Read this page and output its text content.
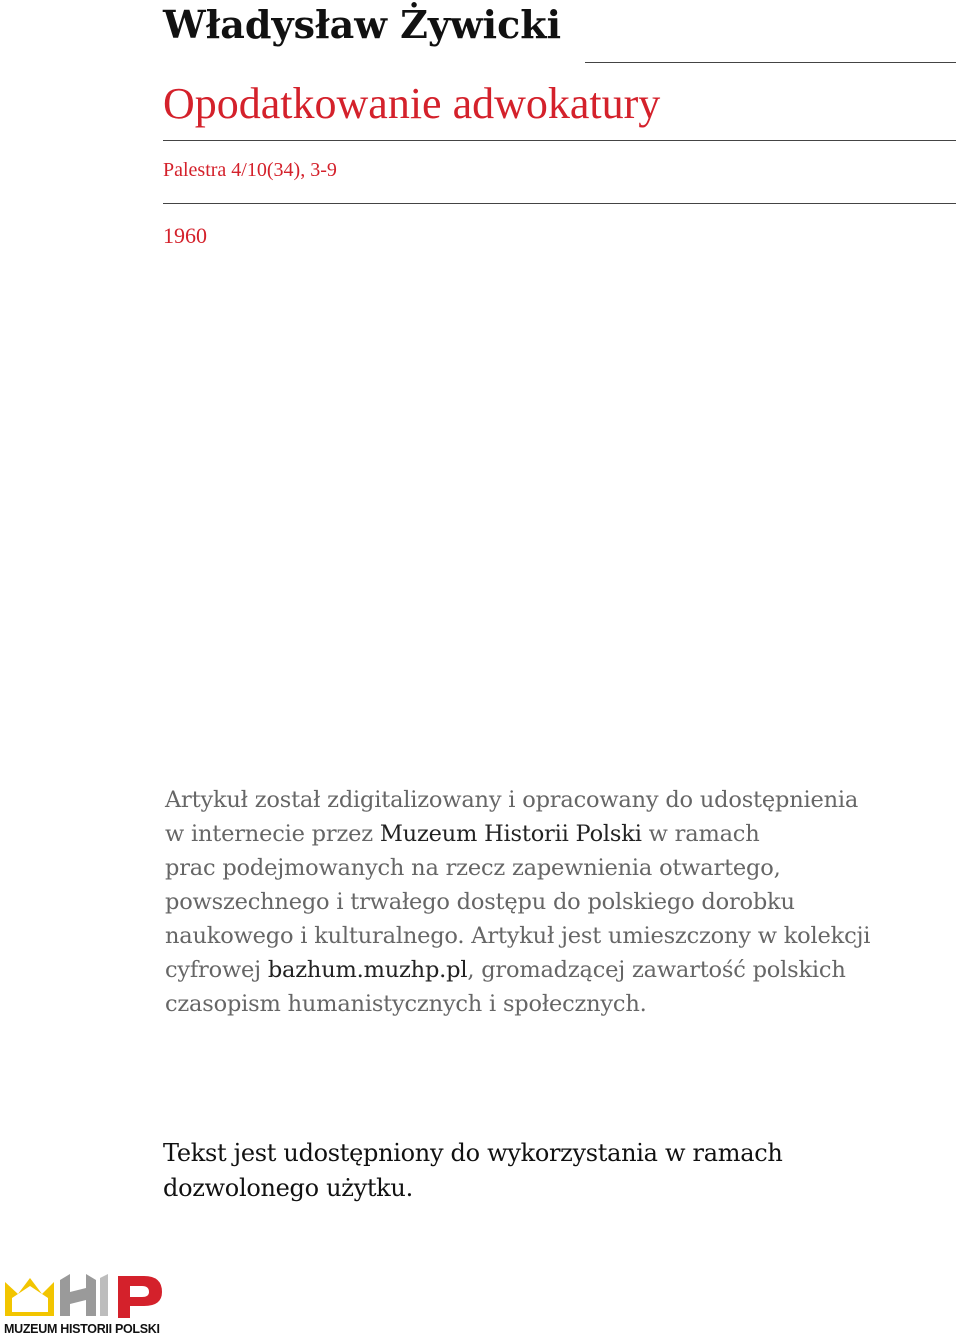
Władysław Żywicki
Opodatkowanie adwokatury
Palestra 4/10(34), 3-9
1960
Artykuł został zdigitalizowany i opracowany do udostępnienia
w internecie przez Muzeum Historii Polski w ramach
prac podejmowanych na rzecz zapewnienia otwartego,
powszechnego i trwałego dostępu do polskiego dorobku
naukowego i kulturalnego. Artykuł jest umieszczony w kolekcji
cyfrowej bazhum.muzhp.pl, gromadzącej zawartość polskich
czasopism humanistycznych i społecznych.
Tekst jest udostępniony do wykorzystania w ramach
dozwolonego użytku.
MUZEUM HISTORII POLSKI
